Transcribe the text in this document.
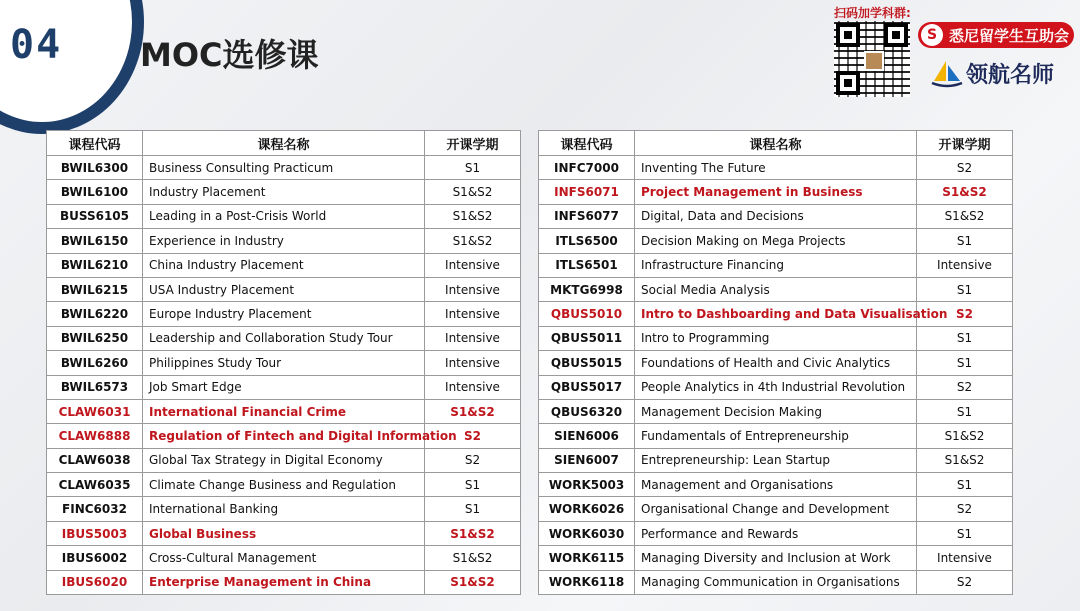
04 MOC选修课
扫码加学科群:
S 悉尼留学生互助会
领航名师
课程代码	课程名称	开课学期
BWIL6300	Business Consulting Practicum	S1
BWIL6100	Industry Placement	S1&S2
BUSS6105	Leading in a Post-Crisis World	S1&S2
BWIL6150	Experience in Industry	S1&S2
BWIL6210	China Industry Placement	Intensive
BWIL6215	USA Industry Placement	Intensive
BWIL6220	Europe Industry Placement	Intensive
BWIL6250	Leadership and Collaboration Study Tour	Intensive
BWIL6260	Philippines Study Tour	Intensive
BWIL6573	Job Smart Edge	Intensive
CLAW6031	International Financial Crime	S1&S2
CLAW6888	Regulation of Fintech and Digital Information	S2
CLAW6038	Global Tax Strategy in Digital Economy	S2
CLAW6035	Climate Change Business and Regulation	S1
FINC6032	International Banking	S1
IBUS5003	Global Business	S1&S2
IBUS6002	Cross-Cultural Management	S1&S2
IBUS6020	Enterprise Management in China	S1&S2
课程代码	课程名称	开课学期
INFC7000	Inventing The Future	S2
INFS6071	Project Management in Business	S1&S2
INFS6077	Digital, Data and Decisions	S1&S2
ITLS6500	Decision Making on Mega Projects	S1
ITLS6501	Infrastructure Financing	Intensive
MKTG6998	Social Media Analysis	S1
QBUS5010	Intro to Dashboarding and Data Visualisation	S2
QBUS5011	Intro to Programming	S1
QBUS5015	Foundations of Health and Civic Analytics	S1
QBUS5017	People Analytics in 4th Industrial Revolution	S2
QBUS6320	Management Decision Making	S1
SIEN6006	Fundamentals of Entrepreneurship	S1&S2
SIEN6007	Entrepreneurship: Lean Startup	S1&S2
WORK5003	Management and Organisations	S1
WORK6026	Organisational Change and Development	S2
WORK6030	Performance and Rewards	S1
WORK6115	Managing Diversity and Inclusion at Work	Intensive
WORK6118	Managing Communication in Organisations	S2
